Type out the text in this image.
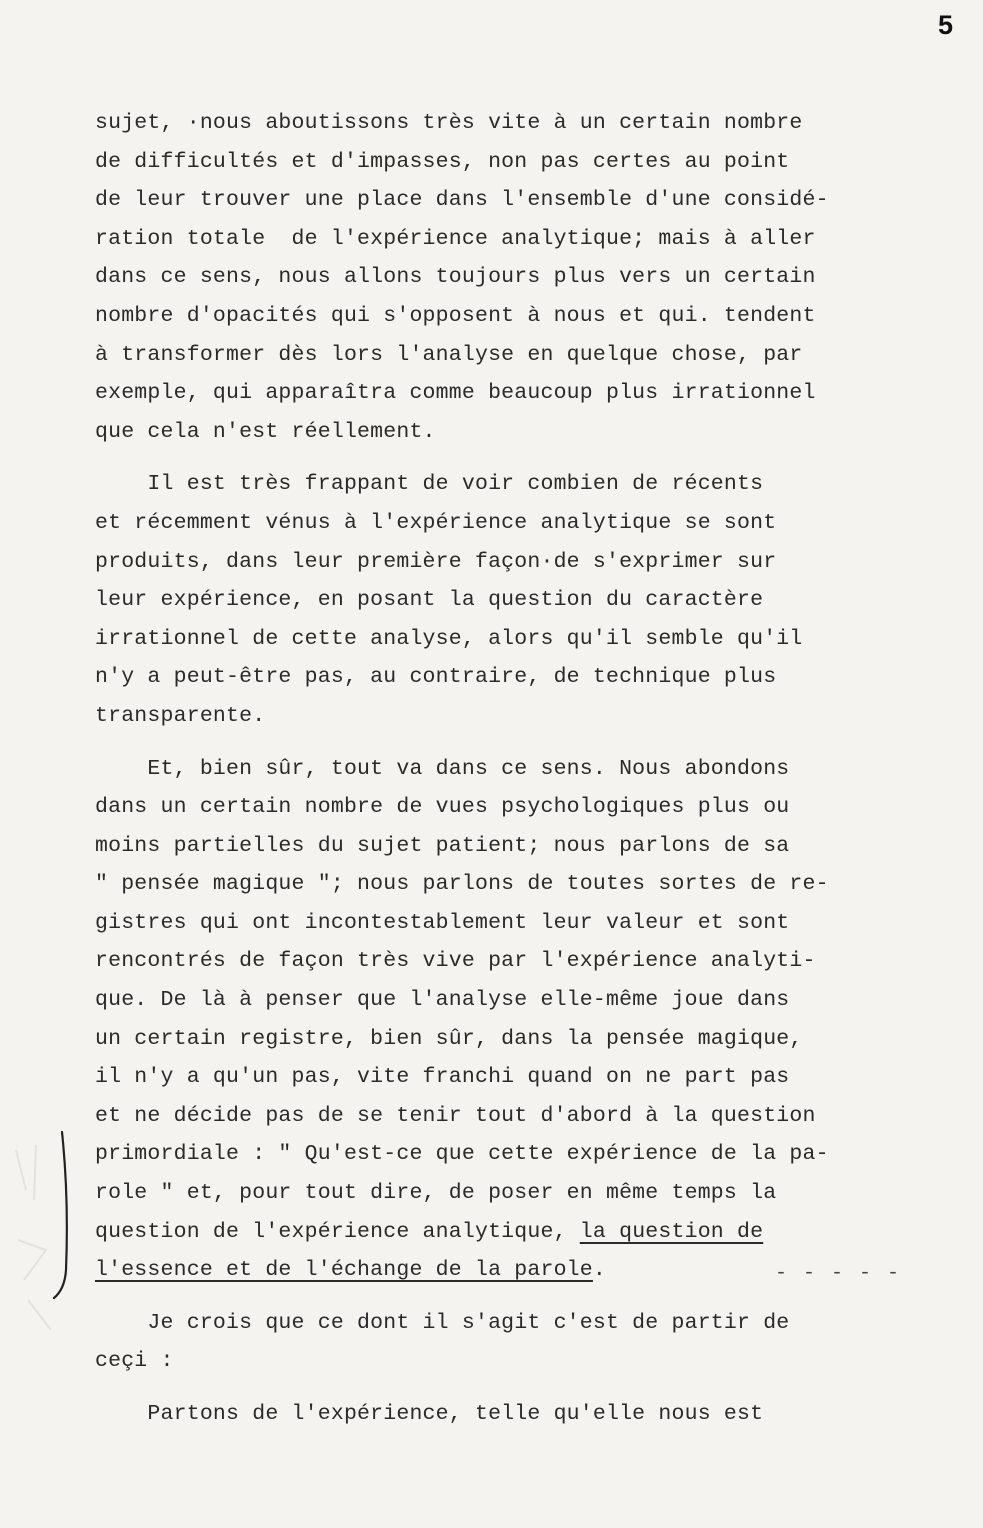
5
- - - - -
sujet, ·nous aboutissons très vite à un certain nombre
de difficultés et d'impasses, non pas certes au point
de leur trouver une place dans l'ensemble d'une considé-
ration totale  de l'expérience analytique; mais à aller
dans ce sens, nous allons toujours plus vers un certain
nombre d'opacités qui s'opposent à nous et qui. tendent
à transformer dès lors l'analyse en quelque chose, par
exemple, qui apparaîtra comme beaucoup plus irrationnel
que cela n'est réellement.
Il est très frappant de voir combien de récents
et récemment vénus à l'expérience analytique se sont
produits, dans leur première façon·de s'exprimer sur
leur expérience, en posant la question du caractère
irrationnel de cette analyse, alors qu'il semble qu'il
n'y a peut-être pas, au contraire, de technique plus
transparente.
Et, bien sûr, tout va dans ce sens. Nous abondons
dans un certain nombre de vues psychologiques plus ou
moins partielles du sujet patient; nous parlons de sa
" pensée magique "; nous parlons de toutes sortes de re-
gistres qui ont incontestablement leur valeur et sont
rencontrés de façon très vive par l'expérience analyti-
que. De là à penser que l'analyse elle-même joue dans
un certain registre, bien sûr, dans la pensée magique,
il n'y a qu'un pas, vite franchi quand on ne part pas
et ne décide pas de se tenir tout d'abord à la question
primordiale : " Qu'est-ce que cette expérience de la pa-
role " et, pour tout dire, de poser en même temps la
question de l'expérience analytique, la question de
l'essence et de l'échange de la parole.
Je crois que ce dont il s'agit c'est de partir de
ceçi :
Partons de l'expérience, telle qu'elle nous est
